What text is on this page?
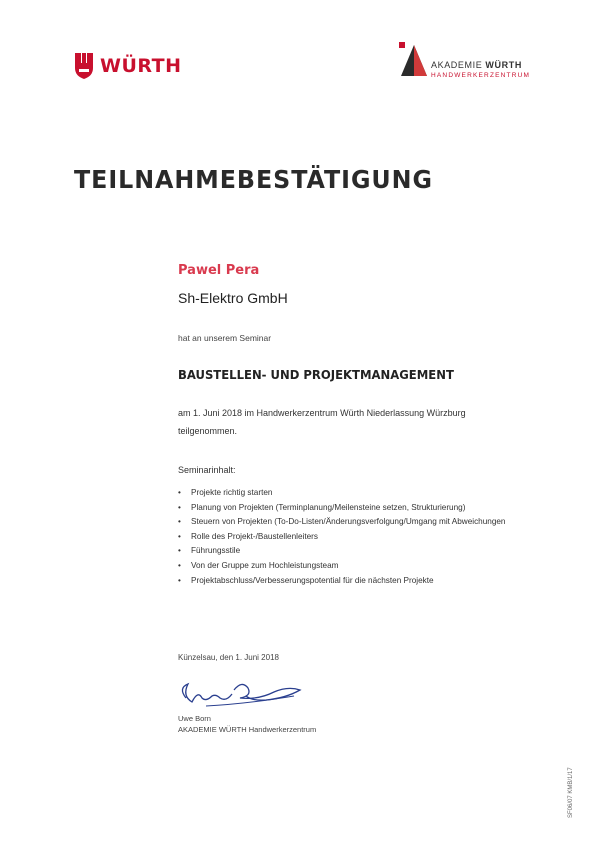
WÜRTH	AKADEMIE WÜRTH
HANDWERKERZENTRUM
TEILNAHMEBESTÄTIGUNG
Pawel Pera
Sh-Elektro GmbH
hat an unserem Seminar
BAUSTELLEN- UND PROJEKTMANAGEMENT
am 1. Juni 2018 im Handwerkerzentrum Würth Niederlassung Würzburg
teilgenommen.
Seminarinhalt:
• Projekte richtig starten
• Planung von Projekten (Terminplanung/Meilensteine setzen, Strukturierung)
• Steuern von Projekten (To-Do-Listen/Änderungsverfolgung/Umgang mit Abweichungen
• Rolle des Projekt-/Baustellenleiters
• Führungsstile
• Von der Gruppe zum Hochleistungsteam
• Projektabschluss/Verbesserungspotential für die nächsten Projekte
Künzelsau, den 1. Juni 2018
Uwe Born
AKADEMIE WÜRTH Handwerkerzentrum
SF06/07 KMB/1/17
